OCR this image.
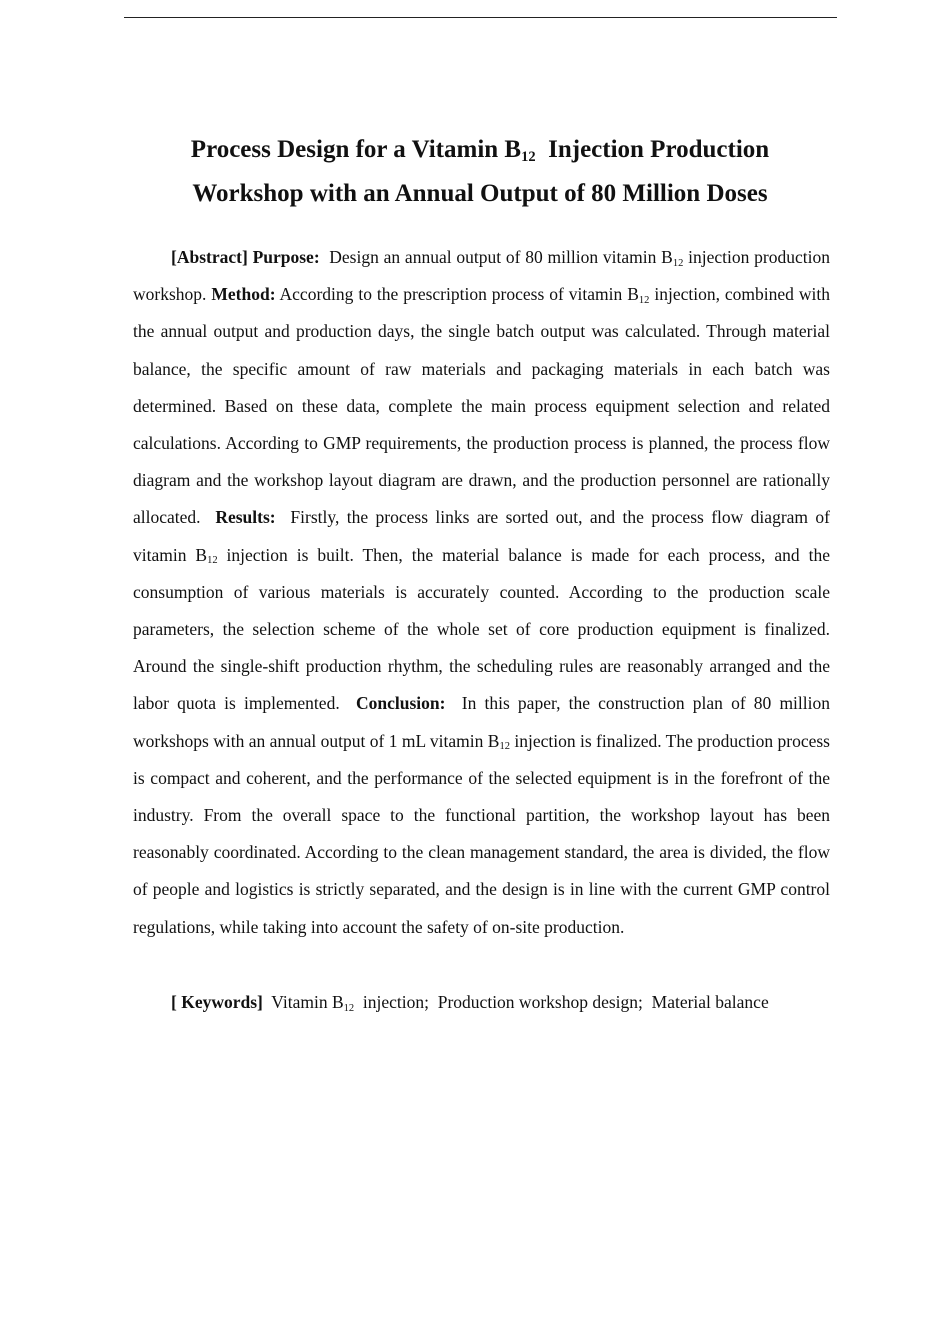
Process Design for a Vitamin $B_{12}$  Injection Production
Workshop with an Annual Output of 80 Million Doses

[Abstract] Purpose: Design an annual output of 80 million vitamin $B_{12}$ injection production workshop. Method: According to the prescription process of vitamin $B_{12}$ injection, combined with the annual output and production days, the single batch output was calculated. Through material balance, the specific amount of raw materials and packaging materials in each batch was determined. Based on these data, complete the main process equipment selection and related calculations. According to GMP requirements, the production process is planned, the process flow diagram and the workshop layout diagram are drawn, and the production personnel are rationally allocated. Results: Firstly, the process links are sorted out, and the process flow diagram of vitamin $B_{12}$ injection is built. Then, the material balance is made for each process, and the consumption of various materials is accurately counted. According to the production scale parameters, the selection scheme of the whole set of core production equipment is finalized. Around the single-shift production rhythm, the scheduling rules are reasonably arranged and the labor quota is implemented. Conclusion: In this paper, the construction plan of 80 million workshops with an annual output of 1 mL vitamin $B_{12}$ injection is finalized. The production process is compact and coherent, and the performance of the selected equipment is in the forefront of the industry. From the overall space to the functional partition, the workshop layout has been reasonably coordinated. According to the clean management standard, the area is divided, the flow of people and logistics is strictly separated, and the design is in line with the current GMP control regulations, while taking into account the safety of on-site production.

[ Keywords] Vitamin $B_{12}$  injection;  Production workshop design;  Material balance
